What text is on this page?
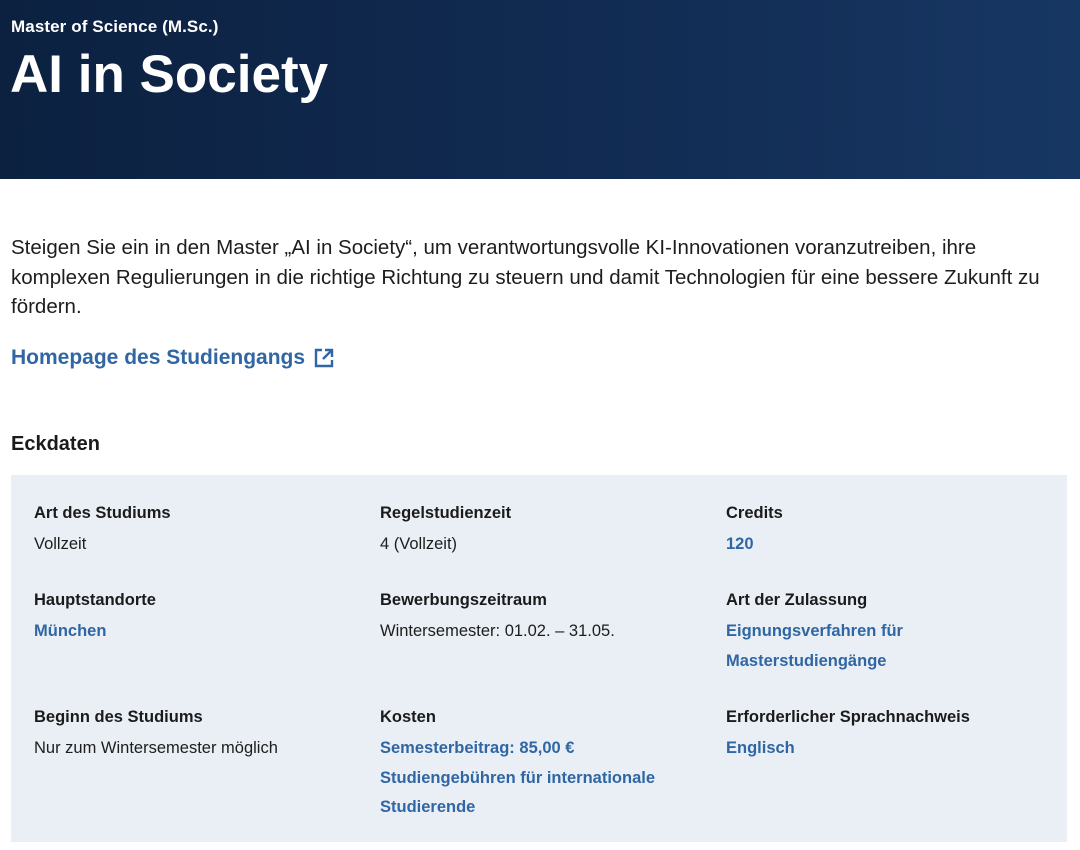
Master of Science (M.Sc.)
AI in Society

Steigen Sie ein in den Master „AI in Society“, um verantwortungsvolle KI-Innovationen voranzutreiben, ihre komplexen Regulierungen in die richtige Richtung zu steuern und damit Technologien für eine bessere Zukunft zu fördern.

Homepage des Studiengangs
Eckdaten
Art des Studiums
Vollzeit
Regelstudienzeit
4 (Vollzeit)
Credits
120
Hauptstandorte
München
Bewerbungszeitraum
Wintersemester: 01.02. – 31.05.
Art der Zulassung
Eignungsverfahren für Masterstudiengänge
Beginn des Studiums
Nur zum Wintersemester möglich
Kosten
Semesterbeitrag: 85,00 €
Studiengebühren für internationale Studierende
Erforderlicher Sprachnachweis
Englisch
